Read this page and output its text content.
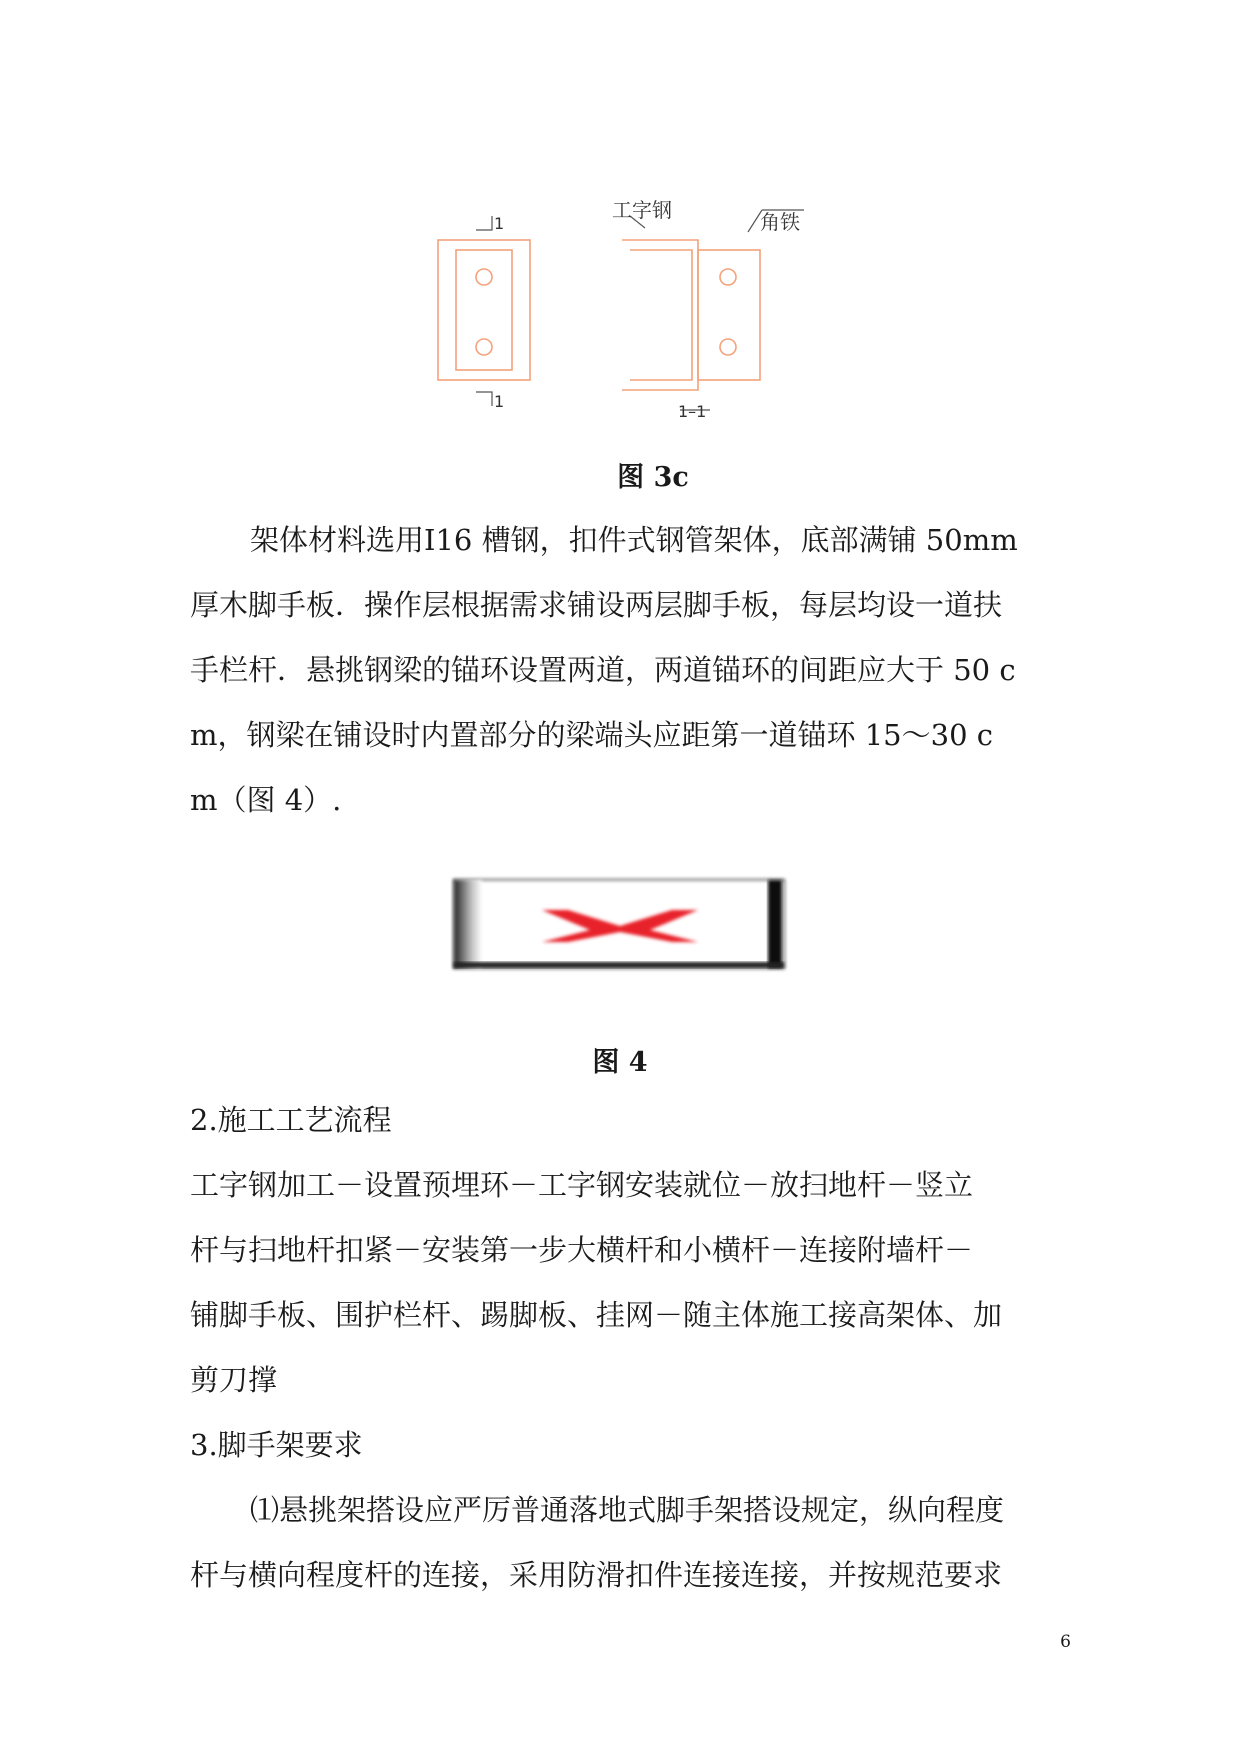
工字钢	角铁
1
1
1–1
图 3c

架体材料选用Ⅰ16 槽钢，扣件式钢管架体，底部满铺 50mm

厚木脚手板．操作层根据需求铺设两层脚手板，每层均设一道扶

手栏杆．悬挑钢梁的锚环设置两道，两道锚环的间距应大于 50 c

m，钢梁在铺设时内置部分的梁端头应距第一道锚环 15～30 c

m（图 4）.

图 4

2.施工工艺流程

工字钢加工－设置预埋环－工字钢安装就位－放扫地杆－竖立

杆与扫地杆扣紧－安装第一步大横杆和小横杆－连接附墙杆－

铺脚手板、围护栏杆、踢脚板、挂网－随主体施工接高架体、加

剪刀撑

3.脚手架要求

⑴悬挑架搭设应严厉普通落地式脚手架搭设规定，纵向程度

杆与横向程度杆的连接，采用防滑扣件连接连接，并按规范要求

6
